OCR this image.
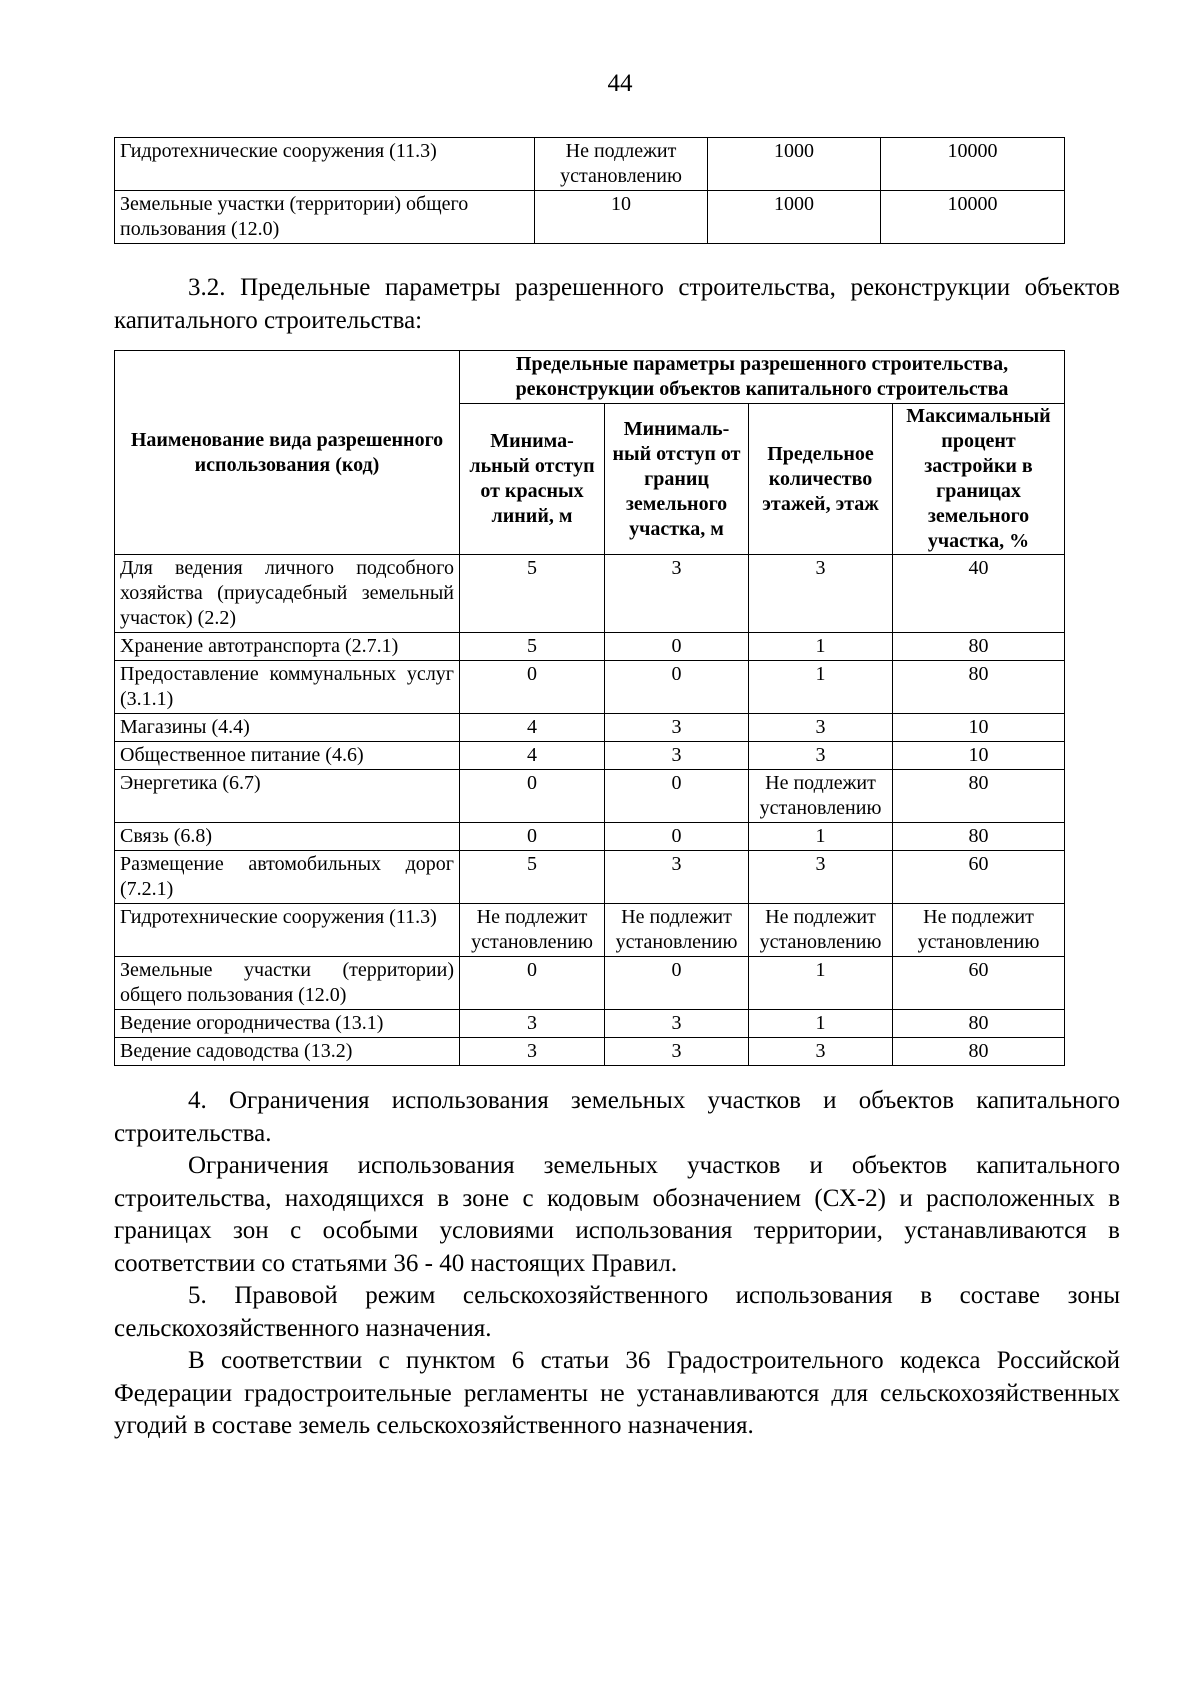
44
Гидротехнические сооружения (11.3)	Не подлежит установлению	1000	10000
Земельные участки (территории) общего пользования (12.0)	10	1000	10000
3.2. Предельные параметры разрешенного строительства, реконструкции объектов капитального строительства:
Наименование вида разрешенного использования (код)	Предельные параметры разрешенного строительства, реконструкции объектов капитального строительства			
	Минима-льный отступ от красных линий, м	Минималь-ный отступ от границ земельного участка, м	Предельное количество этажей, этаж	Максимальный процент застройки в границах земельного участка, %
Для ведения личного подсобного хозяйства (приусадебный земельный участок) (2.2)	5	3	3	40
Хранение автотранспорта (2.7.1)	5	0	1	80
Предоставление коммунальных услуг (3.1.1)	0	0	1	80
Магазины (4.4)	4	3	3	10
Общественное питание (4.6)	4	3	3	10
Энергетика (6.7)	0	0	Не подлежит установлению	80
Связь (6.8)	0	0	1	80
Размещение автомобильных дорог (7.2.1)	5	3	3	60
Гидротехнические сооружения (11.3)	Не подлежит установлению	Не подлежит установлению	Не подлежит установлению	Не подлежит установлению
Земельные участки (территории) общего пользования (12.0)	0	0	1	60
Ведение огородничества (13.1)	3	3	1	80
Ведение садоводства (13.2)	3	3	3	80
4. Ограничения использования земельных участков и объектов капитального строительства.
Ограничения использования земельных участков и объектов капитального строительства, находящихся в зоне с кодовым обозначением (СХ-2) и расположенных в границах зон с особыми условиями использования территории, устанавливаются в соответствии со статьями 36 - 40 настоящих Правил.
5. Правовой режим сельскохозяйственного использования в составе зоны сельскохозяйственного назначения.
В соответствии с пунктом 6 статьи 36 Градостроительного кодекса Российской Федерации градостроительные регламенты не устанавливаются для сельскохозяйственных угодий в составе земель сельскохозяйственного назначения.
